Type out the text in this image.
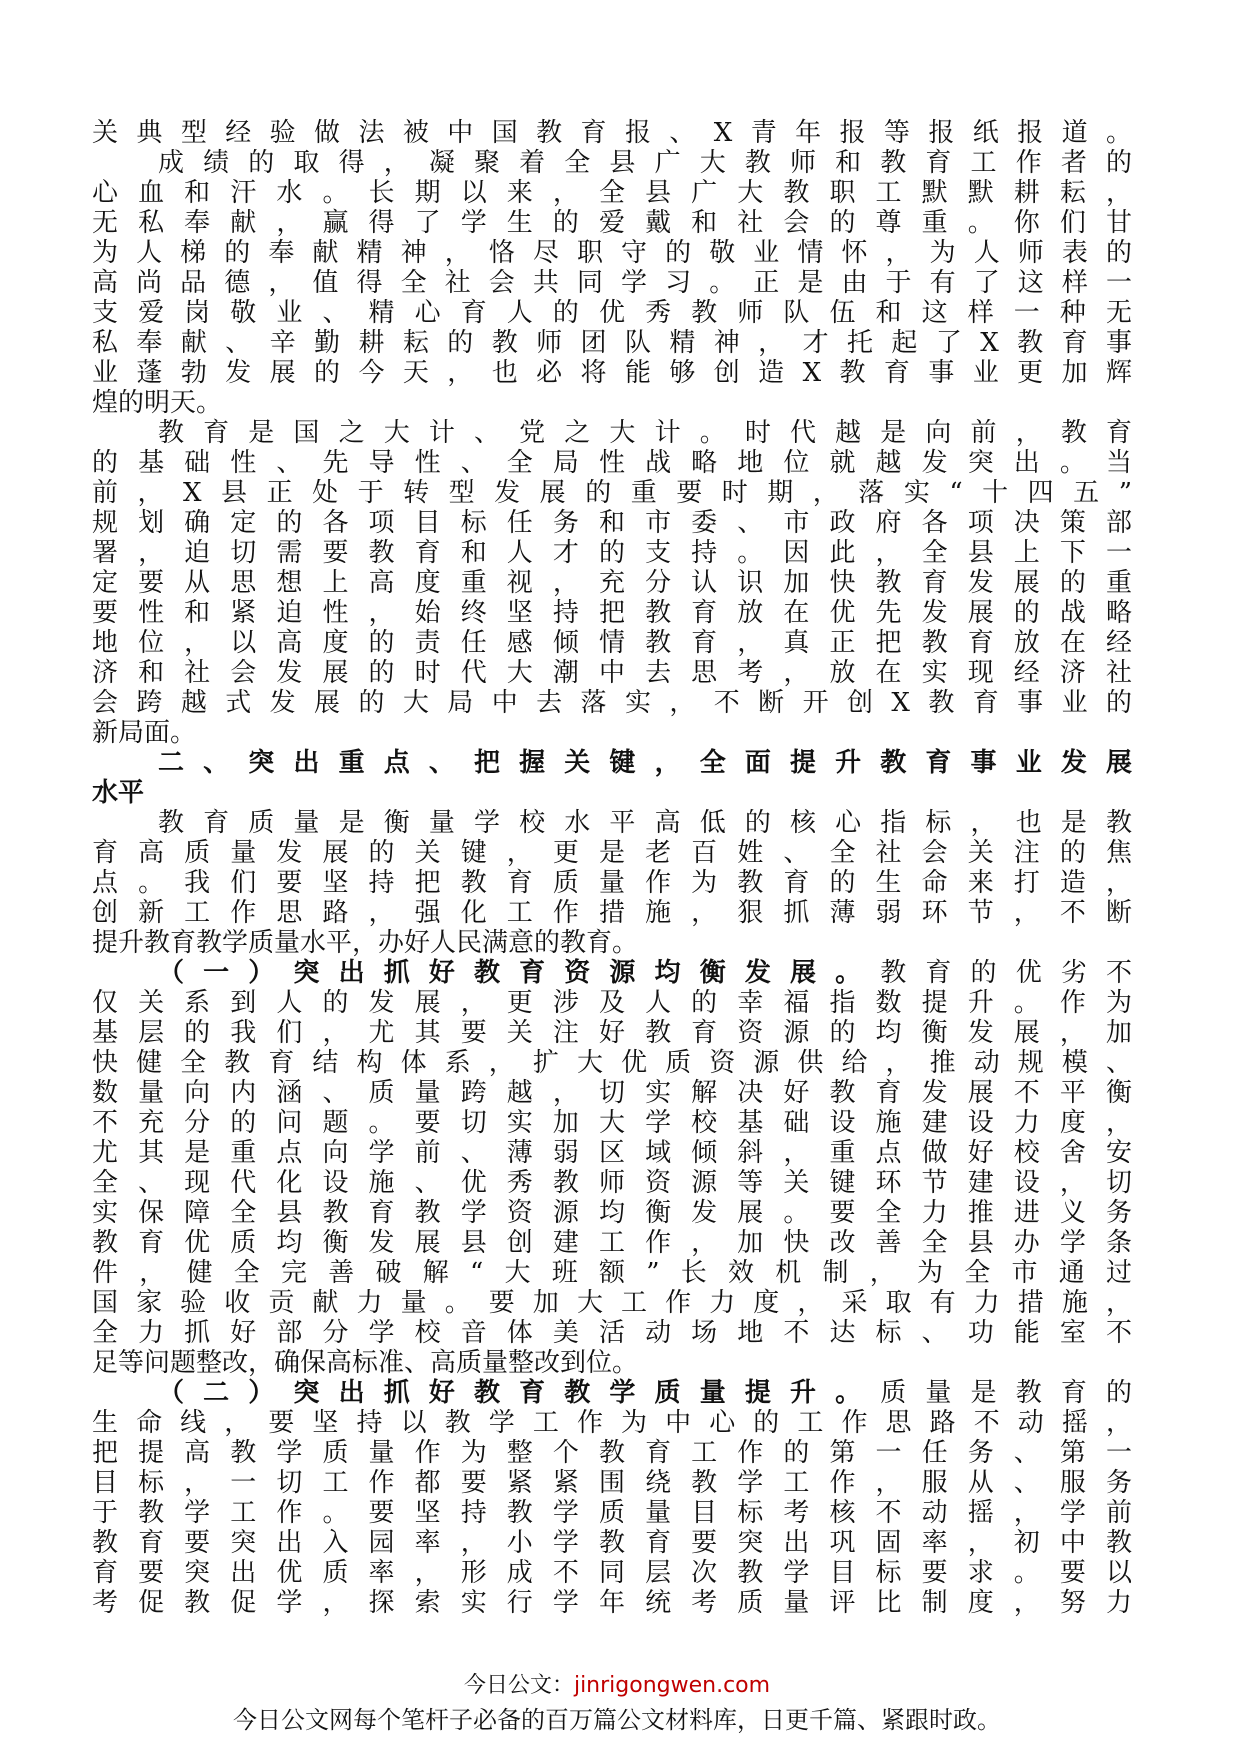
关典型经验做法被中国教育报、X青年报等报纸报道。
成绩的取得，凝聚着全县广大教师和教育工作者的
心血和汗水。长期以来，全县广大教职工默默耕耘，
无私奉献，赢得了学生的爱戴和社会的尊重。你们甘
为人梯的奉献精神，恪尽职守的敬业情怀，为人师表的
高尚品德，值得全社会共同学习。正是由于有了这样一
支爱岗敬业、精心育人的优秀教师队伍和这样一种无
私奉献、辛勤耕耘的教师团队精神，才托起了X教育事
业蓬勃发展的今天，也必将能够创造X教育事业更加辉
煌的明天。
教育是国之大计、党之大计。时代越是向前，教育
的基础性、先导性、全局性战略地位就越发突出。当
前，X县正处于转型发展的重要时期，落实“十四五”
规划确定的各项目标任务和市委、市政府各项决策部
署，迫切需要教育和人才的支持。因此，全县上下一
定要从思想上高度重视，充分认识加快教育发展的重
要性和紧迫性，始终坚持把教育放在优先发展的战略
地位，以高度的责任感倾情教育，真正把教育放在经
济和社会发展的时代大潮中去思考，放在实现经济社
会跨越式发展的大局中去落实，不断开创X教育事业的
新局面。
二、突出重点、把握关键，全面提升教育事业发展
水平
教育质量是衡量学校水平高低的核心指标，也是教
育高质量发展的关键，更是老百姓、全社会关注的焦
点。我们要坚持把教育质量作为教育的生命来打造，
创新工作思路，强化工作措施，狠抓薄弱环节，不断
提升教育教学质量水平，办好人民满意的教育。
（一）突出抓好教育资源均衡发展。教育的优劣不
仅关系到人的发展，更涉及人的幸福指数提升。作为
基层的我们，尤其要关注好教育资源的均衡发展，加
快健全教育结构体系，扩大优质资源供给，推动规模、
数量向内涵、质量跨越，切实解决好教育发展不平衡
不充分的问题。要切实加大学校基础设施建设力度，
尤其是重点向学前、薄弱区域倾斜，重点做好校舍安
全、现代化设施、优秀教师资源等关键环节建设，切
实保障全县教育教学资源均衡发展。要全力推进义务
教育优质均衡发展县创建工作，加快改善全县办学条
件，健全完善破解“大班额”长效机制，为全市通过
国家验收贡献力量。要加大工作力度，采取有力措施，
全力抓好部分学校音体美活动场地不达标、功能室不
足等问题整改，确保高标准、高质量整改到位。
（二）突出抓好教育教学质量提升。质量是教育的
生命线，要坚持以教学工作为中心的工作思路不动摇，
把提高教学质量作为整个教育工作的第一任务、第一
目标，一切工作都要紧紧围绕教学工作，服从、服务
于教学工作。要坚持教学质量目标考核不动摇，学前
教育要突出入园率，小学教育要突出巩固率，初中教
育要突出优质率，形成不同层次教学目标要求。要以
考促教促学，探索实行学年统考质量评比制度，努力
今日公文：jinrigongwen.com
今日公文网每个笔杆子必备的百万篇公文材料库，日更千篇、紧跟时政。
